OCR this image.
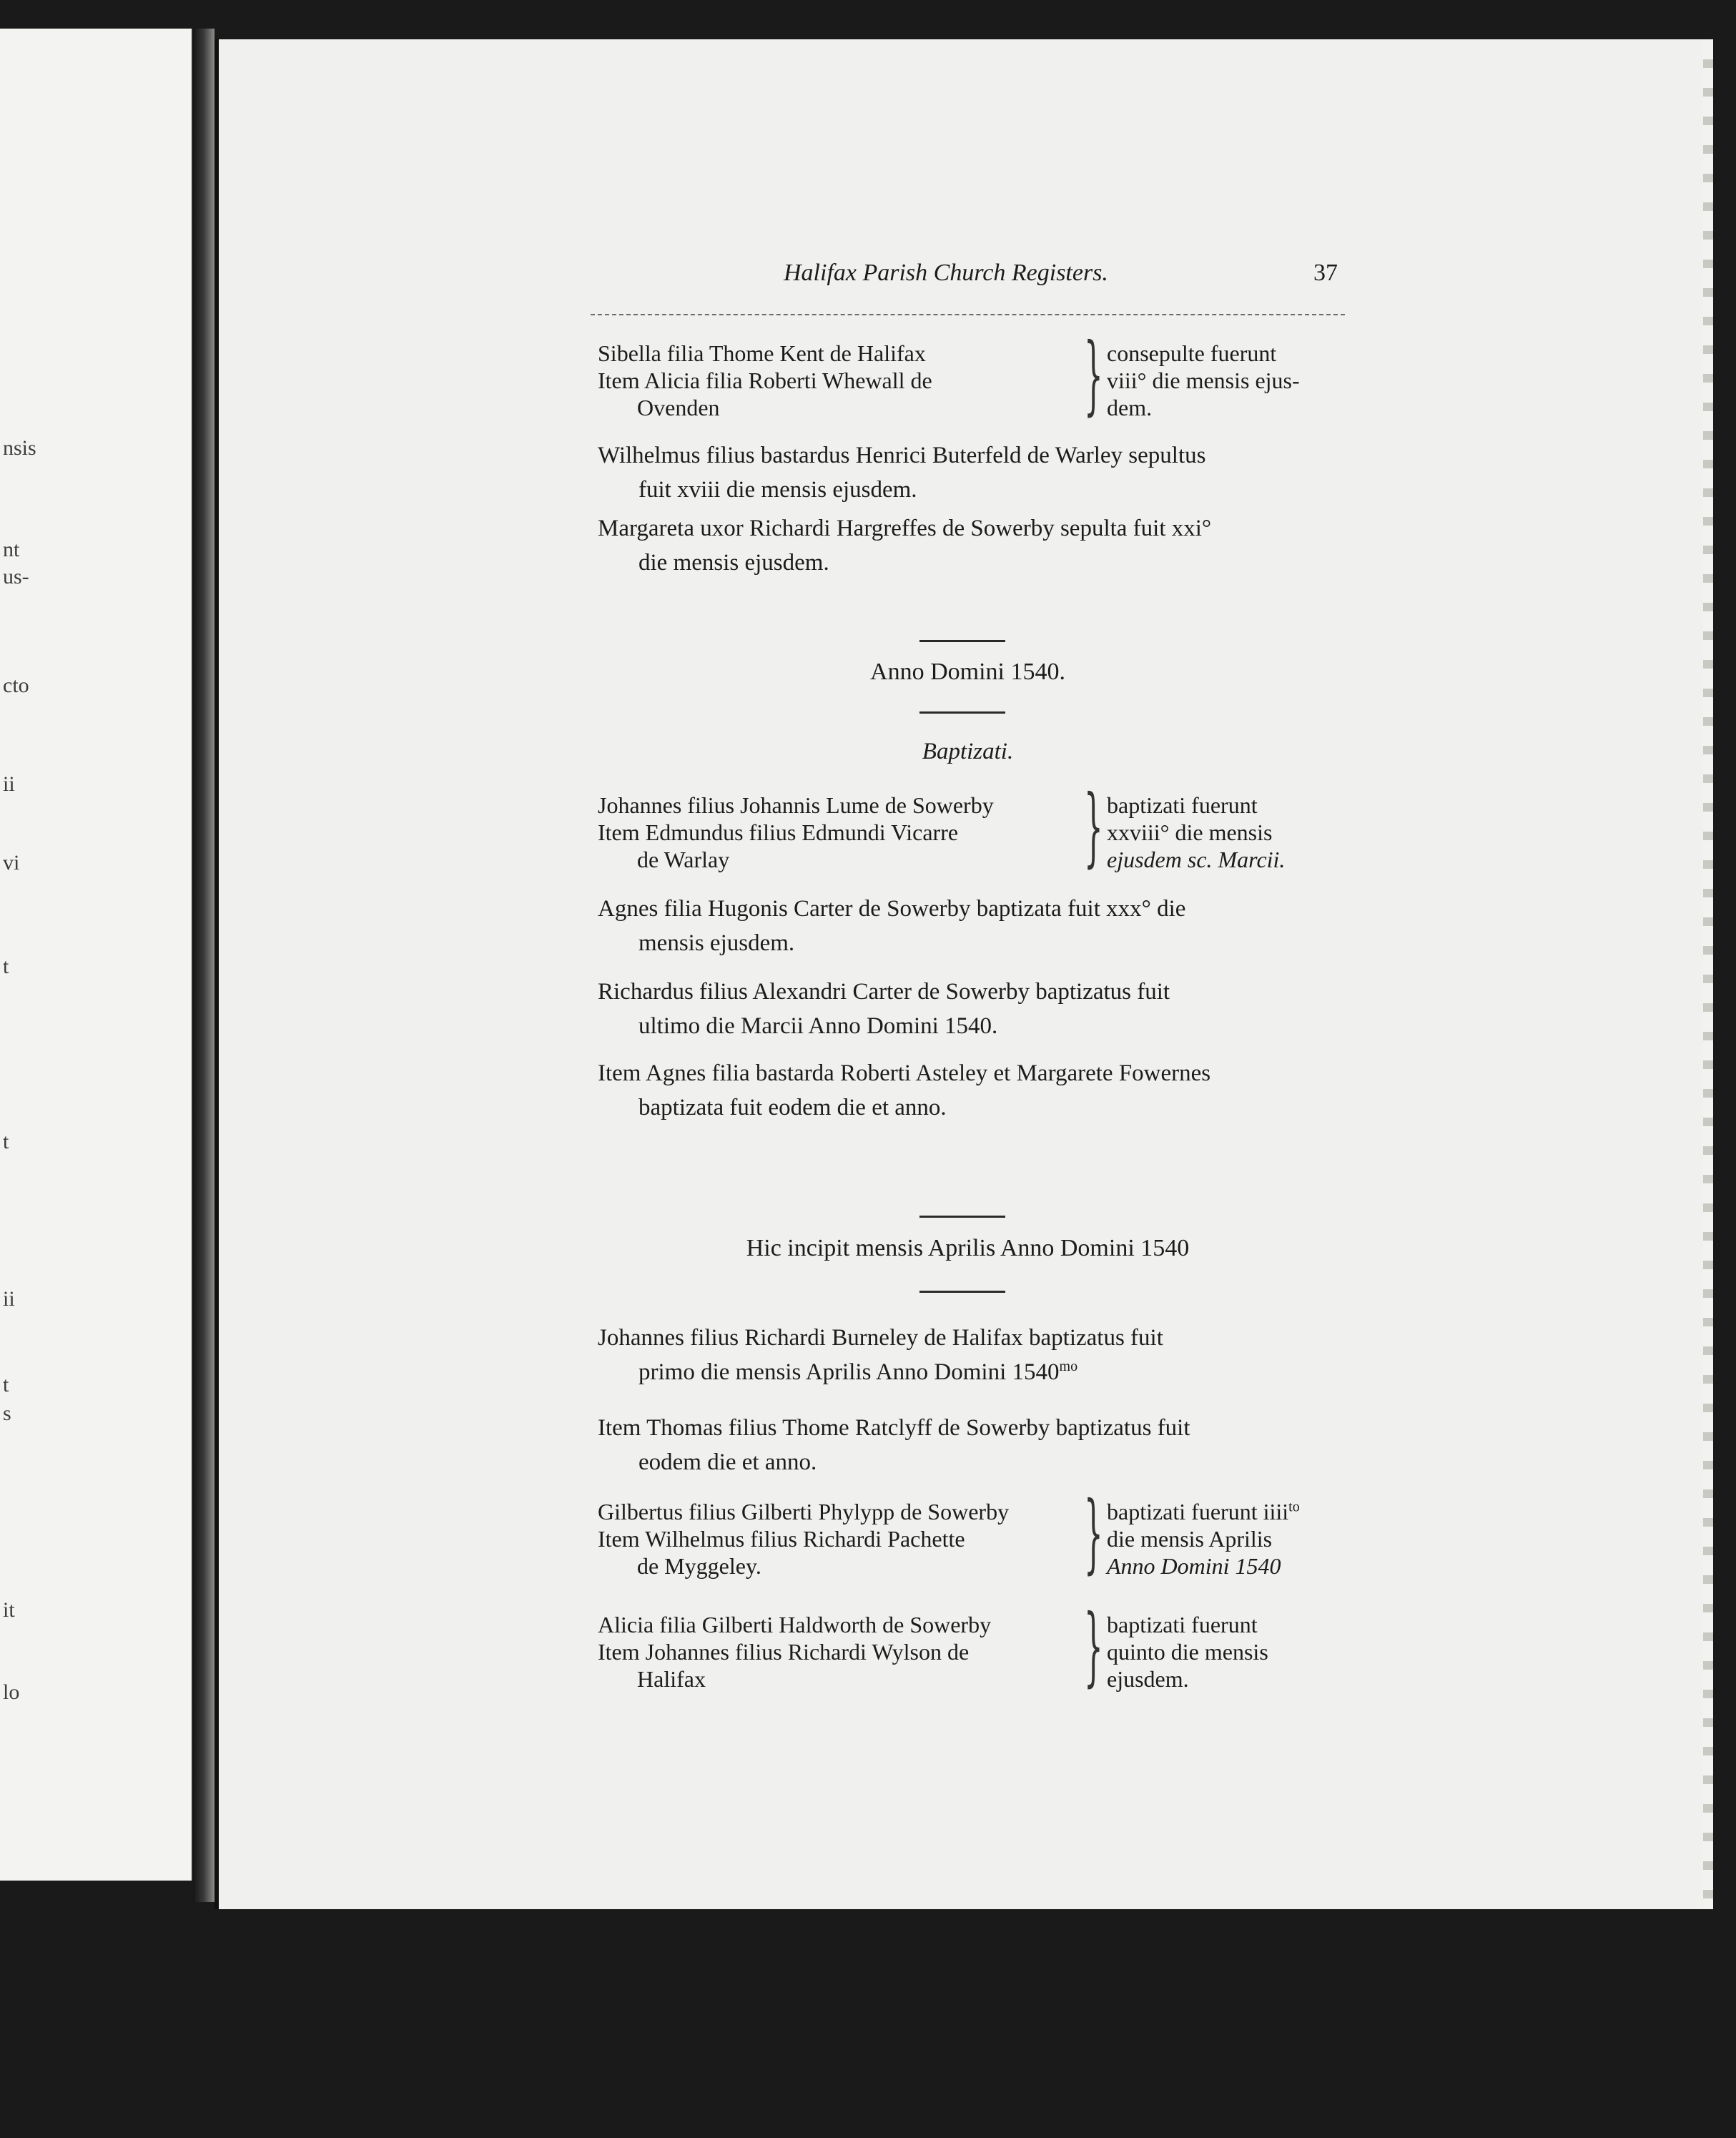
nsis
nt
us-
cto
ii
vi
t
t
ii
t
s
it
lo
Halifax Parish Church Registers.	37
Sibella filia Thome Kent de Halifax
Item Alicia filia Roberti Whewall de
Ovenden	} consepulte fuerunt
viii° die mensis ejus-
dem.
Wilhelmus filius bastardus Henrici Buterfeld de Warley sepultus
fuit xviii die mensis ejusdem.
Margareta uxor Richardi Hargreffes de Sowerby sepulta fuit xxi°
die mensis ejusdem.
Anno Domini 1540.
Baptizati.
Johannes filius Johannis Lume de Sowerby
Item Edmundus filius Edmundi Vicarre
de Warlay	} baptizati fuerunt
xxviii° die mensis
ejusdem sc. Marcii.
Agnes filia Hugonis Carter de Sowerby baptizata fuit xxx° die
mensis ejusdem.
Richardus filius Alexandri Carter de Sowerby baptizatus fuit
ultimo die Marcii Anno Domini 1540.
Item Agnes filia bastarda Roberti Asteley et Margarete Fowernes
baptizata fuit eodem die et anno.
Hic incipit mensis Aprilis Anno Domini 1540
Johannes filius Richardi Burneley de Halifax baptizatus fuit
primo die mensis Aprilis Anno Domini $1540^{mo}$
Item Thomas filius Thome Ratclyff de Sowerby baptizatus fuit
eodem die et anno.
Gilbertus filius Gilberti Phylypp de Sowerby
Item Wilhelmus filius Richardi Pachette
de Myggeley.	} baptizati fuerunt iiii$^{to}$
die mensis Aprilis
Anno Domini 1540
Alicia filia Gilberti Haldworth de Sowerby
Item Johannes filius Richardi Wylson de
Halifax	} baptizati fuerunt
quinto die mensis
ejusdem.
